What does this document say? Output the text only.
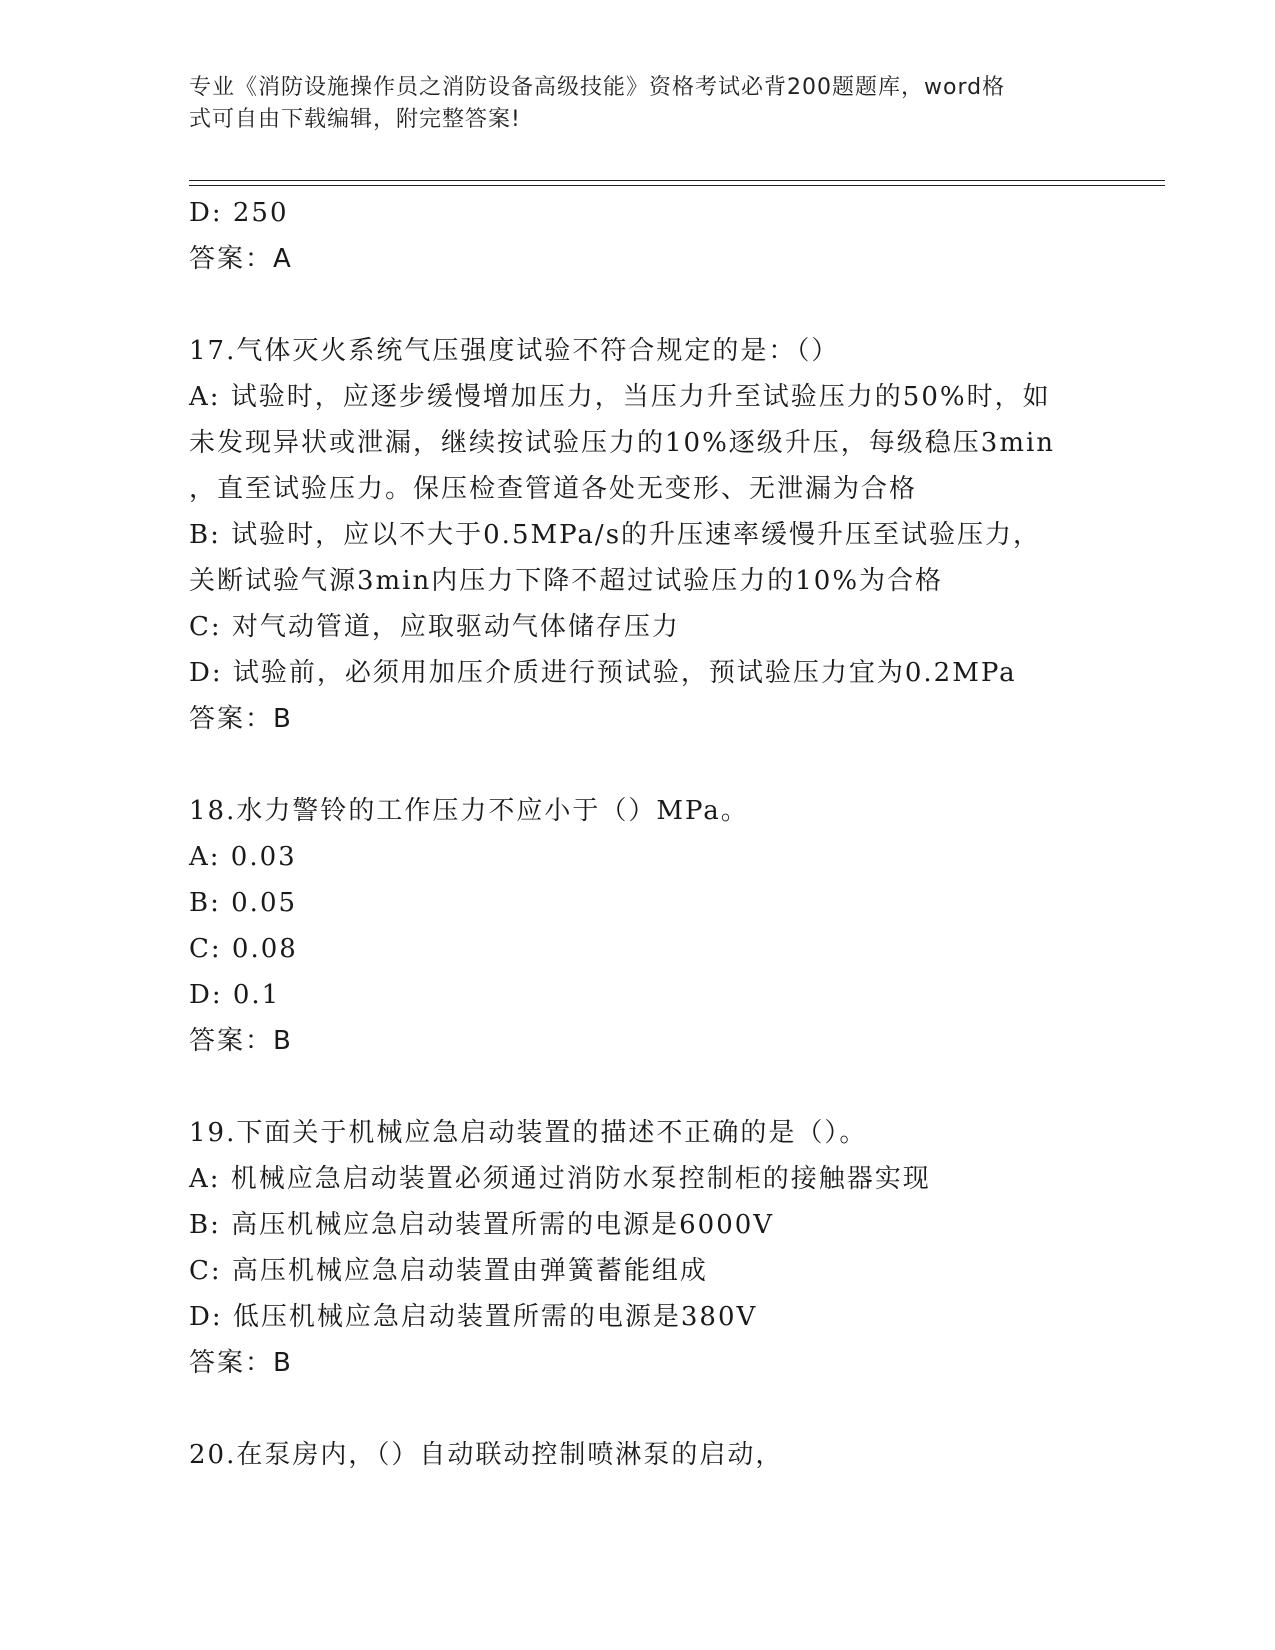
专业《消防设施操作员之消防设备高级技能》资格考试必背200题题库，word格
式可自由下载编辑，附完整答案!

D: 250

答案：A

17.气体灭火系统气压强度试验不符合规定的是：（）

A: 试验时，应逐步缓慢增加压力，当压力升至试验压力的50%时，如

未发现异状或泄漏，继续按试验压力的10%逐级升压，每级稳压3min

，直至试验压力。保压检查管道各处无变形、无泄漏为合格

B: 试验时，应以不大于0.5MPa/s的升压速率缓慢升压至试验压力，

关断试验气源3min内压力下降不超过试验压力的10%为合格

C: 对气动管道，应取驱动气体储存压力

D: 试验前，必须用加压介质进行预试验，预试验压力宜为0.2MPa

答案：B

18.水力警铃的工作压力不应小于（）MPa。

A: 0.03

B: 0.05

C: 0.08

D: 0.1

答案：B

19.下面关于机械应急启动装置的描述不正确的是（）。

A: 机械应急启动装置必须通过消防水泵控制柜的接触器实现

B: 高压机械应急启动装置所需的电源是6000V

C: 高压机械应急启动装置由弹簧蓄能组成

D: 低压机械应急启动装置所需的电源是380V

答案：B

20.在泵房内，（）自动联动控制喷淋泵的启动，
